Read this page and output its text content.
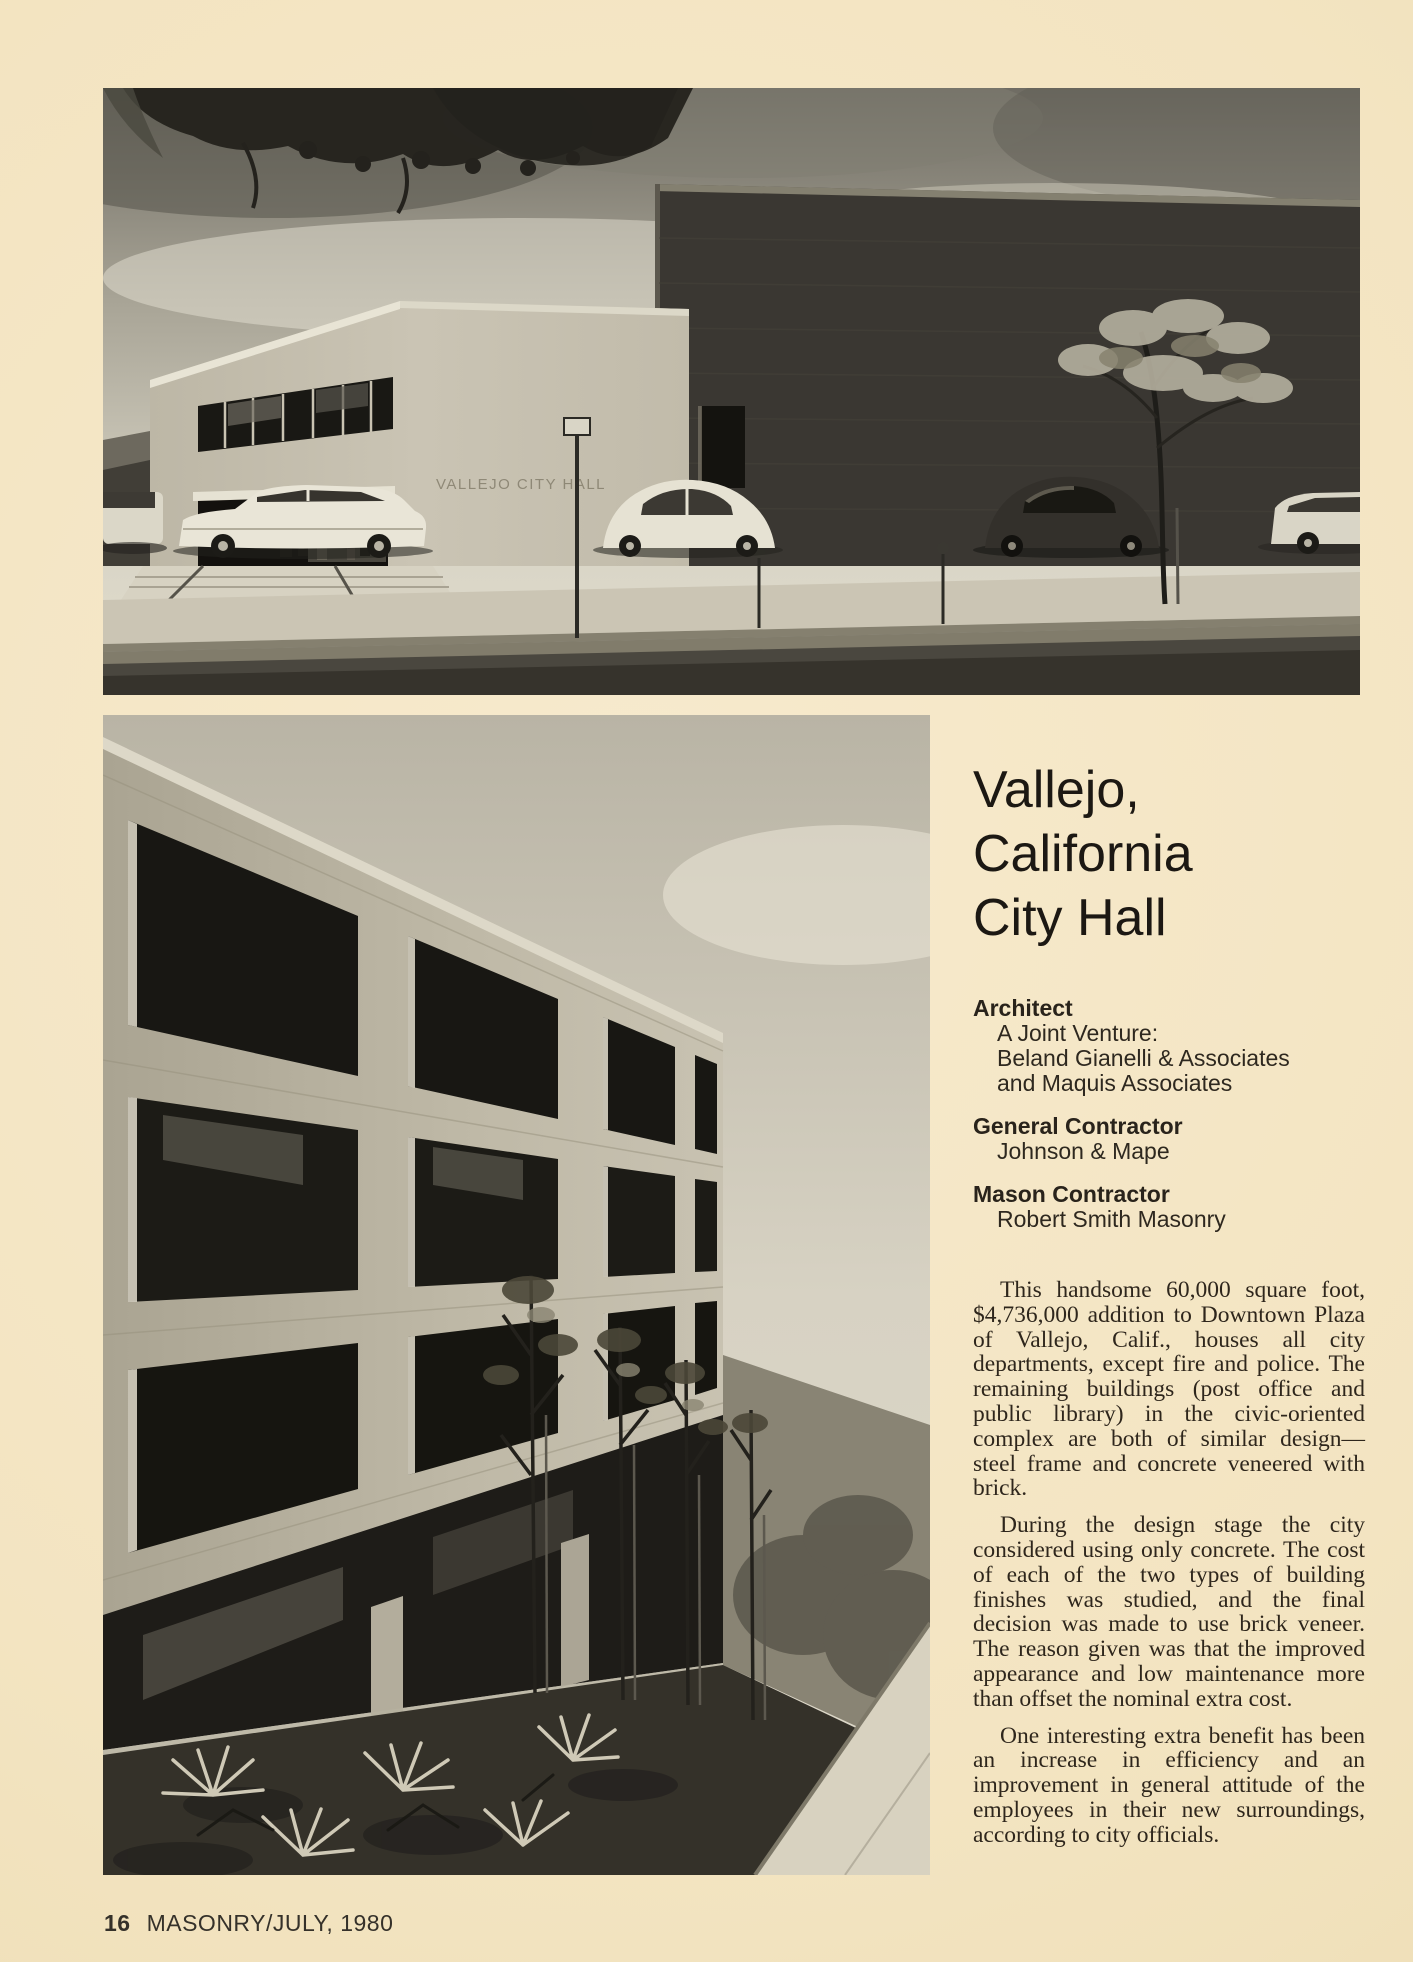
VALLEJO CITY HALL
Vallejo,
California
City Hall
Architect

A Joint Venture:

Beland Gianelli & Associates

and Maquis Associates

General Contractor

Johnson & Mape

Mason Contractor

Robert Smith Masonry

This handsome 60,000 square foot, $4,736,000 addition to Downtown Plaza of Vallejo, Calif., houses all city departments, except fire and police. The remaining buildings (post office and public library) in the civic-oriented complex are both of similar design—steel frame and concrete veneered with brick.

During the design stage the city considered using only concrete. The cost of each of the two types of building finishes was studied, and the final decision was made to use brick veneer. The reason given was that the improved appearance and low maintenance more than offset the nominal extra cost.

One interesting extra benefit has been an increase in efficiency and an improvement in general attitude of the employees in their new surroundings, according to city officials.

16 MASONRY/JULY, 1980
